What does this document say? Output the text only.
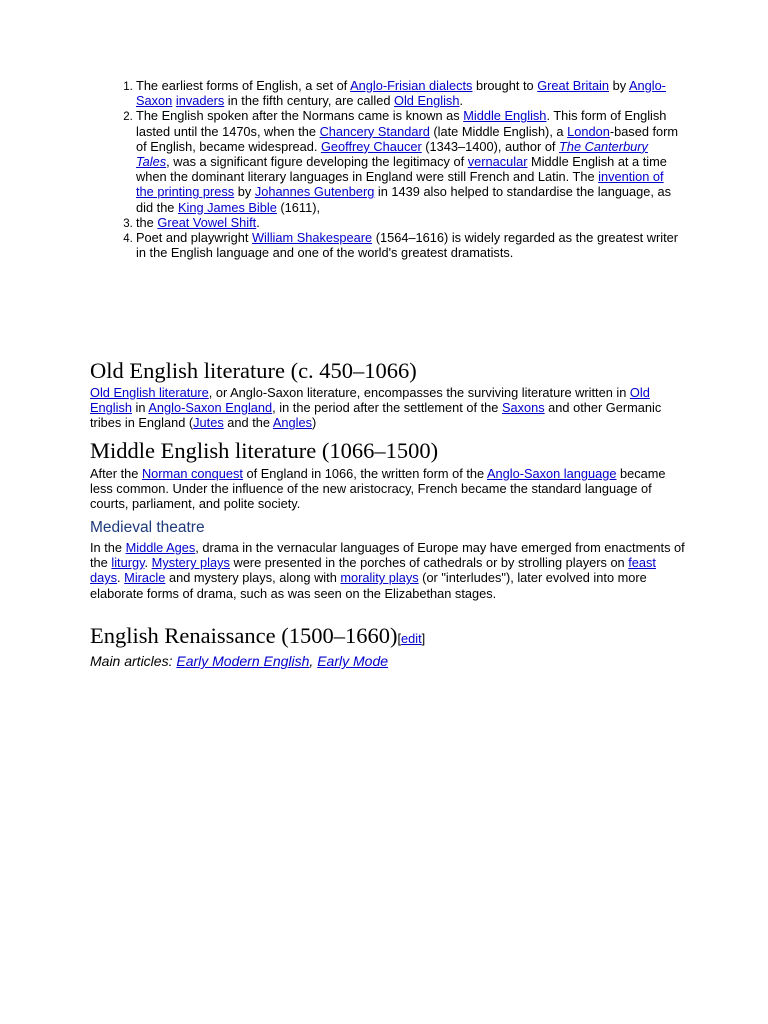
1. The earliest forms of English, a set of Anglo-Frisian dialects brought to Great Britain by Anglo-Saxon invaders in the fifth century, are called Old English.
2. The English spoken after the Normans came is known as Middle English. This form of English lasted until the 1470s, when the Chancery Standard (late Middle English), a London-based form of English, became widespread. Geoffrey Chaucer (1343–1400), author of The Canterbury Tales, was a significant figure developing the legitimacy of vernacular Middle English at a time when the dominant literary languages in England were still French and Latin. The invention of the printing press by Johannes Gutenberg in 1439 also helped to standardise the language, as did the King James Bible (1611),
3. the Great Vowel Shift.
4. Poet and playwright William Shakespeare (1564–1616) is widely regarded as the greatest writer in the English language and one of the world's greatest dramatists.
Old English literature (c. 450–1066)

Old English literature, or Anglo-Saxon literature, encompasses the surviving literature written in Old English in Anglo-Saxon England, in the period after the settlement of the Saxons and other Germanic tribes in England (Jutes and the Angles)

Middle English literature (1066–1500)

After the Norman conquest of England in 1066, the written form of the Anglo-Saxon language became less common. Under the influence of the new aristocracy, French became the standard language of courts, parliament, and polite society.

Medieval theatre

In the Middle Ages, drama in the vernacular languages of Europe may have emerged from enactments of the liturgy. Mystery plays were presented in the porches of cathedrals or by strolling players on feast days. Miracle and mystery plays, along with morality plays (or "interludes"), later evolved into more elaborate forms of drama, such as was seen on the Elizabethan stages.

English Renaissance (1500–1660)[edit]

Main articles: Early Modern English, Early Mode
